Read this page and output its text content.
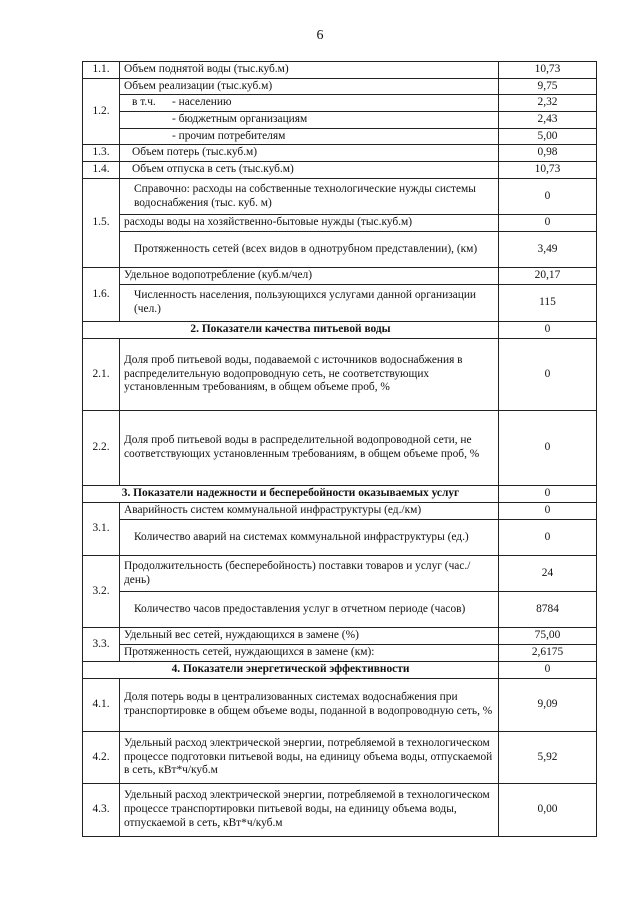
6
1.1.	Объем поднятой воды (тыс.куб.м)	10,73
1.2.	Объем реализации (тыс.куб.м)	9,75

	в т.ч. - населению	2,32
	- бюджетным организациям	2,43
	- прочим потребителям	5,00
1.3.	Объем потерь (тыс.куб.м)	0,98
1.4.	Объем отпуска в сеть (тыс.куб.м)	10,73
1.5.	Справочно: расходы на собственные технологические нужды системы водоснабжения (тыс. куб. м)	0
	расходы воды на хозяйственно-бытовые нужды (тыс.куб.м)	0
	Протяженность сетей (всех видов в однотрубном представлении), (км)	3,49
1.6.	Удельное водопотребление (куб.м/чел)	20,17
	Численность населения, пользующихся услугами данной организации (чел.)	115
2. Показатели качества питьевой воды		0
2.1.	Доля проб питьевой воды, подаваемой с источников водоснабжения в распределительную водопроводную сеть, не соответствующих установленным требованиям, в общем объеме проб, %	0
2.2.	Доля проб питьевой воды в распределительной водопроводной сети, не соответствующих установленным требованиям, в общем объеме проб, %	0
3. Показатели надежности и бесперебойности оказываемых услуг		0
3.1.	Аварийность систем коммунальной инфраструктуры (ед./км)	0
	Количество аварий на системах коммунальной инфраструктуры (ед.)	0
3.2.	Продолжительность (бесперебойность) поставки товаров и услуг (час./день)	24
	Количество часов предоставления услуг в отчетном периоде (часов)	8784
3.3.	Удельный вес сетей, нуждающихся в замене (%)	75,00
	Протяженность сетей, нуждающихся в замене (км):	2,6175
4. Показатели энергетической эффективности		0
4.1.	Доля потерь воды в централизованных системах водоснабжения при транспортировке в общем объеме воды, поданной в водопроводную сеть, %	9,09
4.2.	Удельный расход электрической энергии, потребляемой в технологическом процессе подготовки питьевой воды, на единицу объема воды, отпускаемой в сеть, кВт*ч/куб.м	5,92
4.3.	Удельный расход электрической энергии, потребляемой в технологическом процессе транспортировки питьевой воды, на единицу объема воды, отпускаемой в сеть, кВт*ч/куб.м	0,00
